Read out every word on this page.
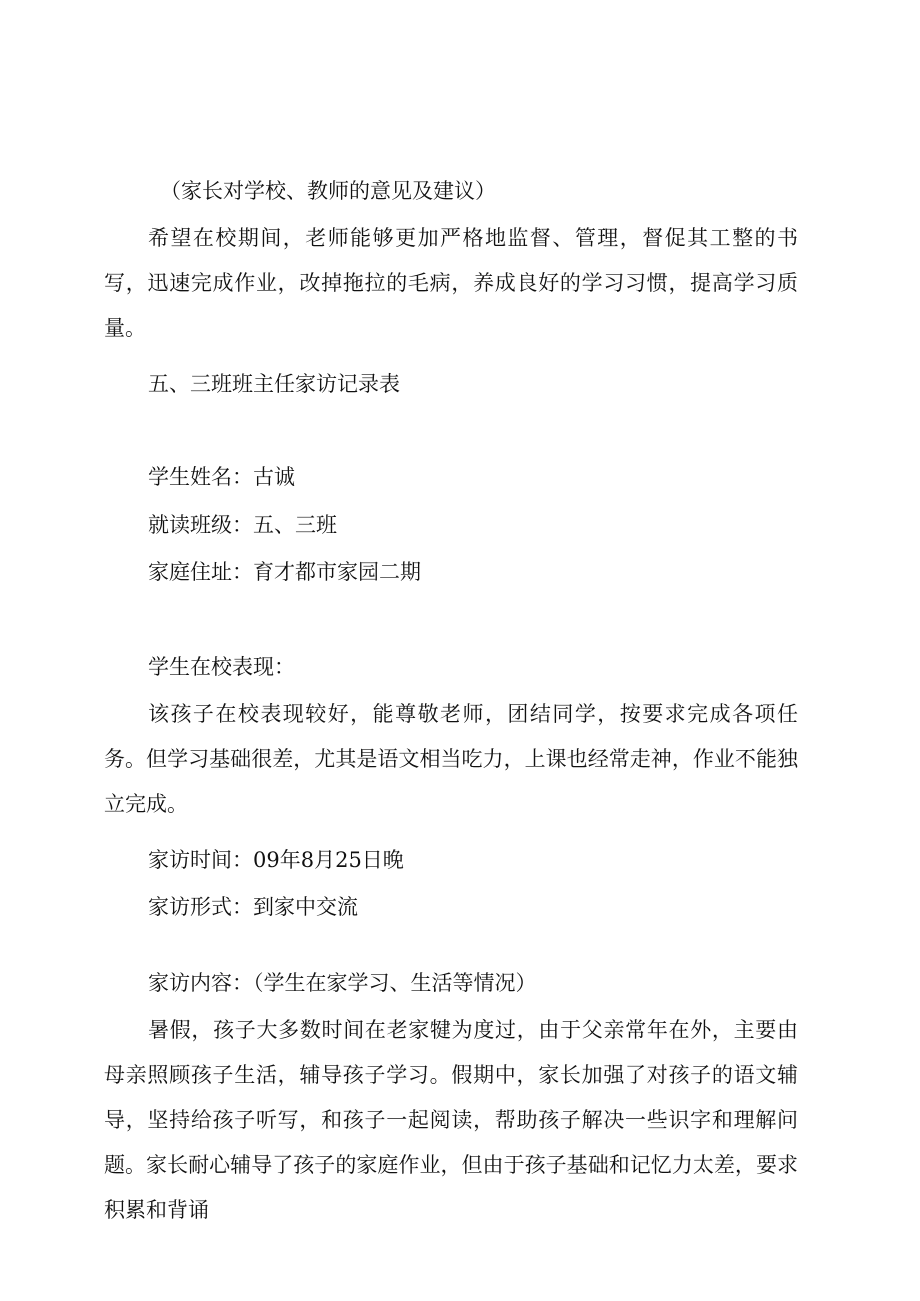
（家长对学校、教师的意见及建议）
希望在校期间，老师能够更加严格地监督、管理，督促其工整的书写，迅速完成作业，改掉拖拉的毛病，养成良好的学习习惯，提高学习质量。
五、三班班主任家访记录表
学生姓名：古诚
就读班级：五、三班
家庭住址：育才都市家园二期
学生在校表现：
该孩子在校表现较好，能尊敬老师，团结同学，按要求完成各项任务。但学习基础很差，尤其是语文相当吃力，上课也经常走神，作业不能独立完成。
家访时间：09年8月25日晚
家访形式：到家中交流
家访内容：（学生在家学习、生活等情况）
暑假，孩子大多数时间在老家犍为度过，由于父亲常年在外，主要由母亲照顾孩子生活，辅导孩子学习。假期中，家长加强了对孩子的语文辅导，坚持给孩子听写，和孩子一起阅读，帮助孩子解决一些识字和理解问题。家长耐心辅导了孩子的家庭作业，但由于孩子基础和记忆力太差，要求积累和背诵
